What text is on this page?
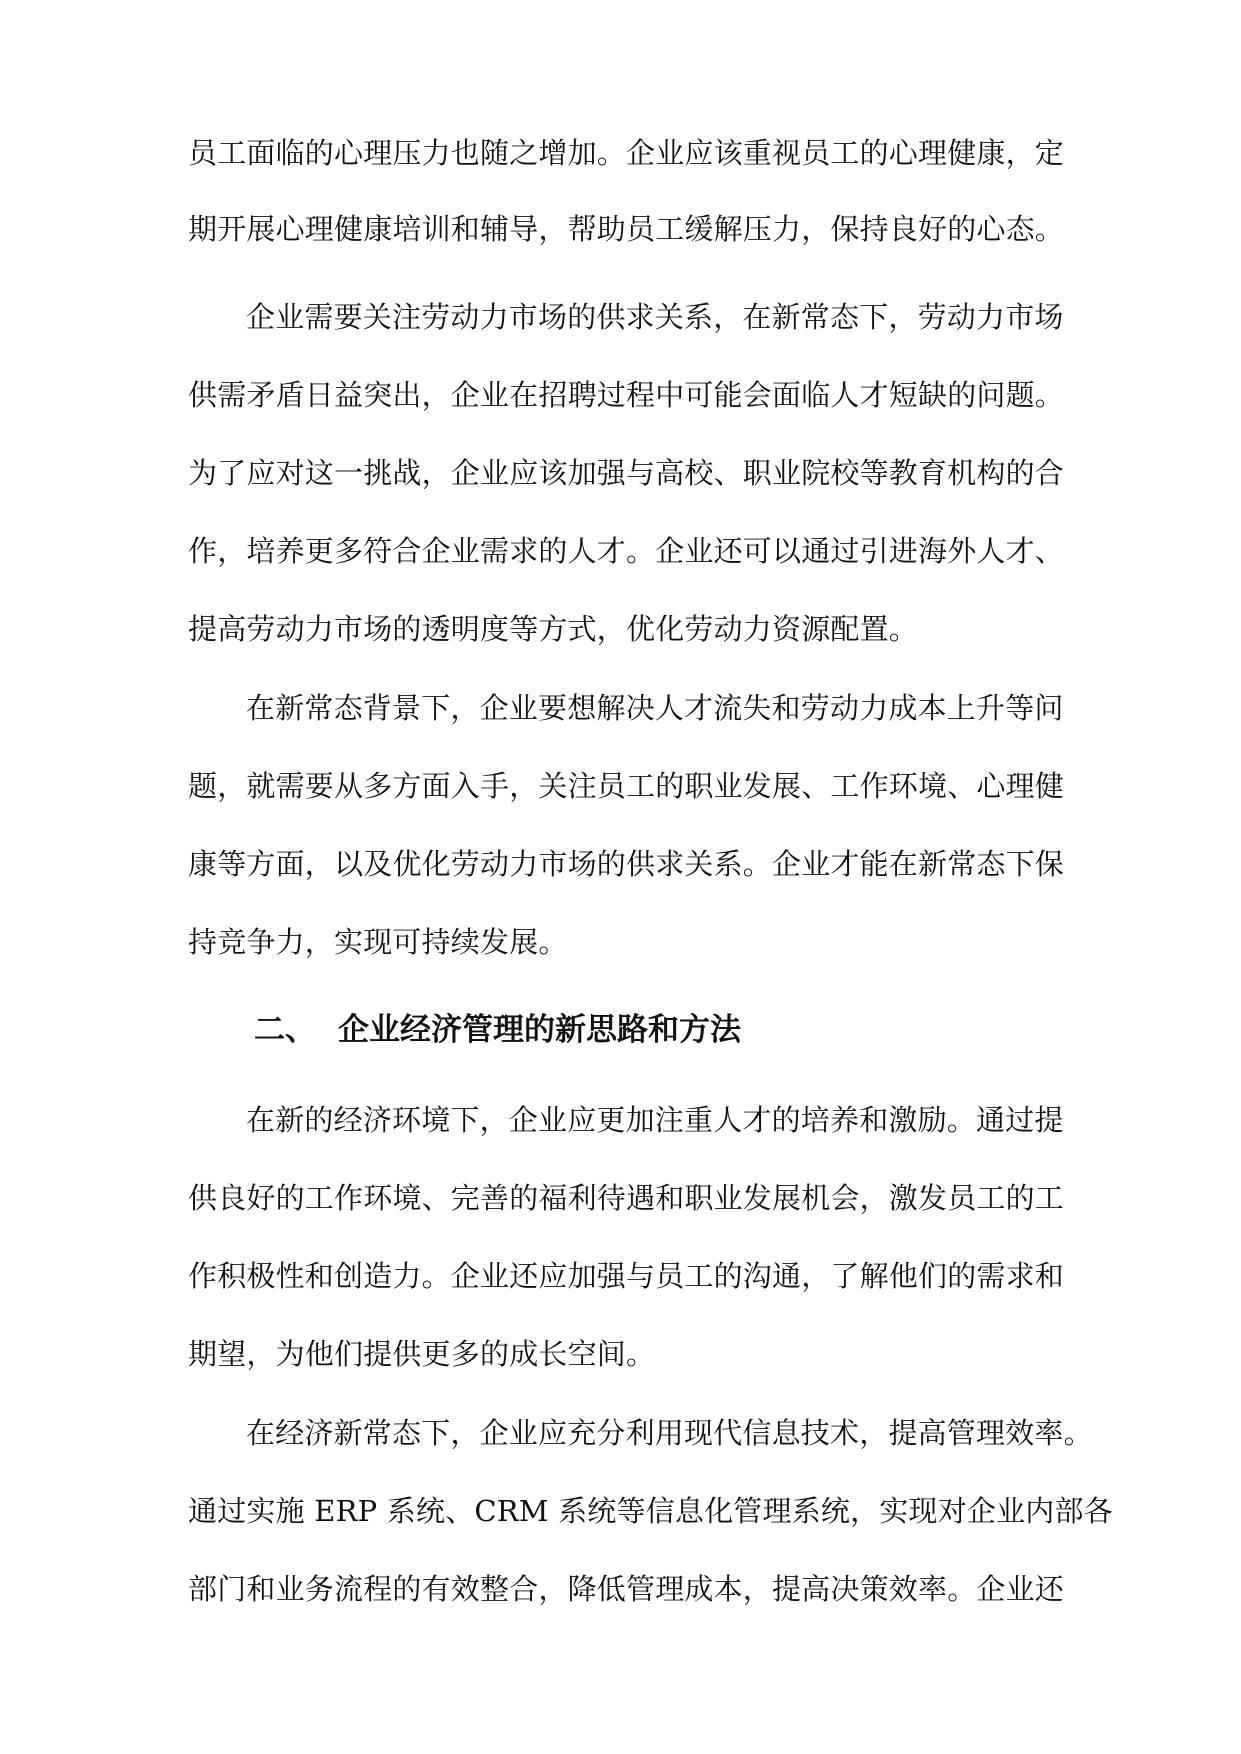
员工面临的心理压力也随之增加。企业应该重视员工的心理健康，定
期开展心理健康培训和辅导，帮助员工缓解压力，保持良好的心态。
企业需要关注劳动力市场的供求关系，在新常态下，劳动力市场
供需矛盾日益突出，企业在招聘过程中可能会面临人才短缺的问题。
为了应对这一挑战，企业应该加强与高校、职业院校等教育机构的合
作，培养更多符合企业需求的人才。企业还可以通过引进海外人才、
提高劳动力市场的透明度等方式，优化劳动力资源配置。
在新常态背景下，企业要想解决人才流失和劳动力成本上升等问
题，就需要从多方面入手，关注员工的职业发展、工作环境、心理健
康等方面，以及优化劳动力市场的供求关系。企业才能在新常态下保
持竞争力，实现可持续发展。
二、 企业经济管理的新思路和方法
在新的经济环境下，企业应更加注重人才的培养和激励。通过提
供良好的工作环境、完善的福利待遇和职业发展机会，激发员工的工
作积极性和创造力。企业还应加强与员工的沟通，了解他们的需求和
期望，为他们提供更多的成长空间。
在经济新常态下，企业应充分利用现代信息技术，提高管理效率。
通过实施 ERP 系统、CRM 系统等信息化管理系统，实现对企业内部各
部门和业务流程的有效整合，降低管理成本，提高决策效率。企业还
